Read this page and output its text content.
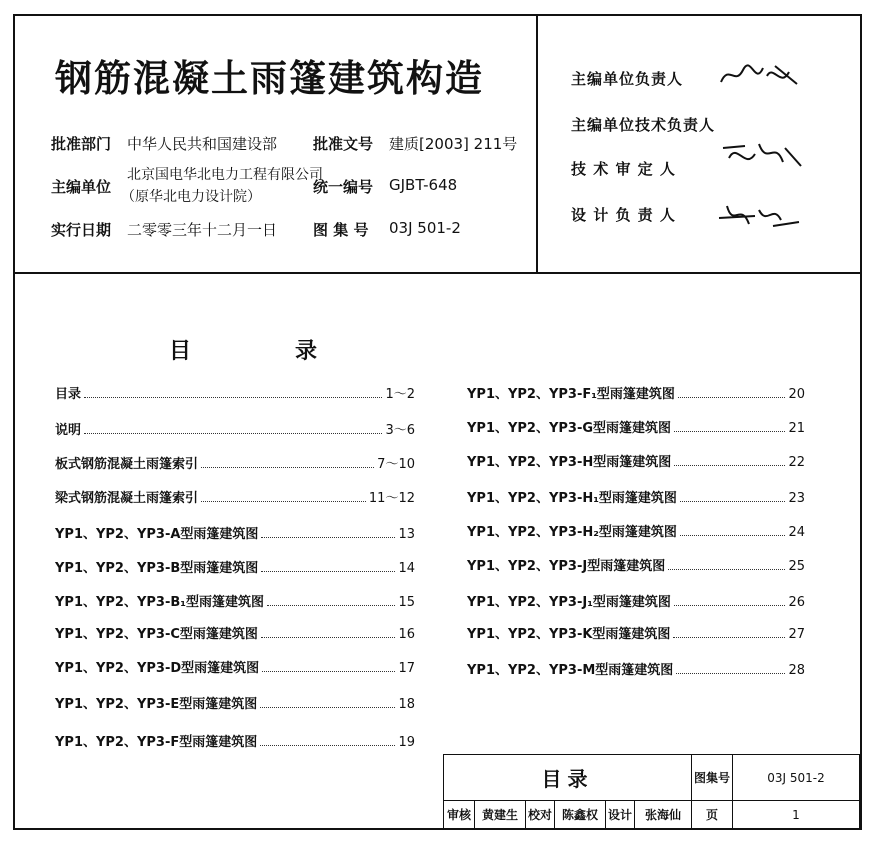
钢筋混凝土雨篷建筑构造
批准部门 中华人民共和国建设部
主编单位
北京国电华北电力工程有限公司
（原华北电力设计院）
实行日期 二零零三年十二月一日
批准文号 建质[2003] 211号
统一编号 GJBT-648
图 集 号 03J 501-2
主编单位负责人
主编单位技术负责人
技 术 审 定 人
设 计 负 责 人
目	录
目录	1～2
说明	3～6
板式钢筋混凝土雨篷索引	7～10
梁式钢筋混凝土雨篷索引	11～12
YP1、YP2、YP3-A型雨篷建筑图	13
YP1、YP2、YP3-B型雨篷建筑图	14
YP1、YP2、YP3-B₁型雨篷建筑图	15
YP1、YP2、YP3-C型雨篷建筑图	16
YP1、YP2、YP3-D型雨篷建筑图	17
YP1、YP2、YP3-E型雨篷建筑图	18
YP1、YP2、YP3-F型雨篷建筑图	19
YP1、YP2、YP3-F₁型雨篷建筑图	20
YP1、YP2、YP3-G型雨篷建筑图	21
YP1、YP2、YP3-H型雨篷建筑图	22
YP1、YP2、YP3-H₁型雨篷建筑图	23
YP1、YP2、YP3-H₂型雨篷建筑图	24
YP1、YP2、YP3-J型雨篷建筑图	25
YP1、YP2、YP3-J₁型雨篷建筑图	26
YP1、YP2、YP3-K型雨篷建筑图	27
YP1、YP2、YP3-M型雨篷建筑图	28
目录						图集号	03J 501-2
审核	黄建生	校对	陈鑫权	设计	张海仙	页	1
